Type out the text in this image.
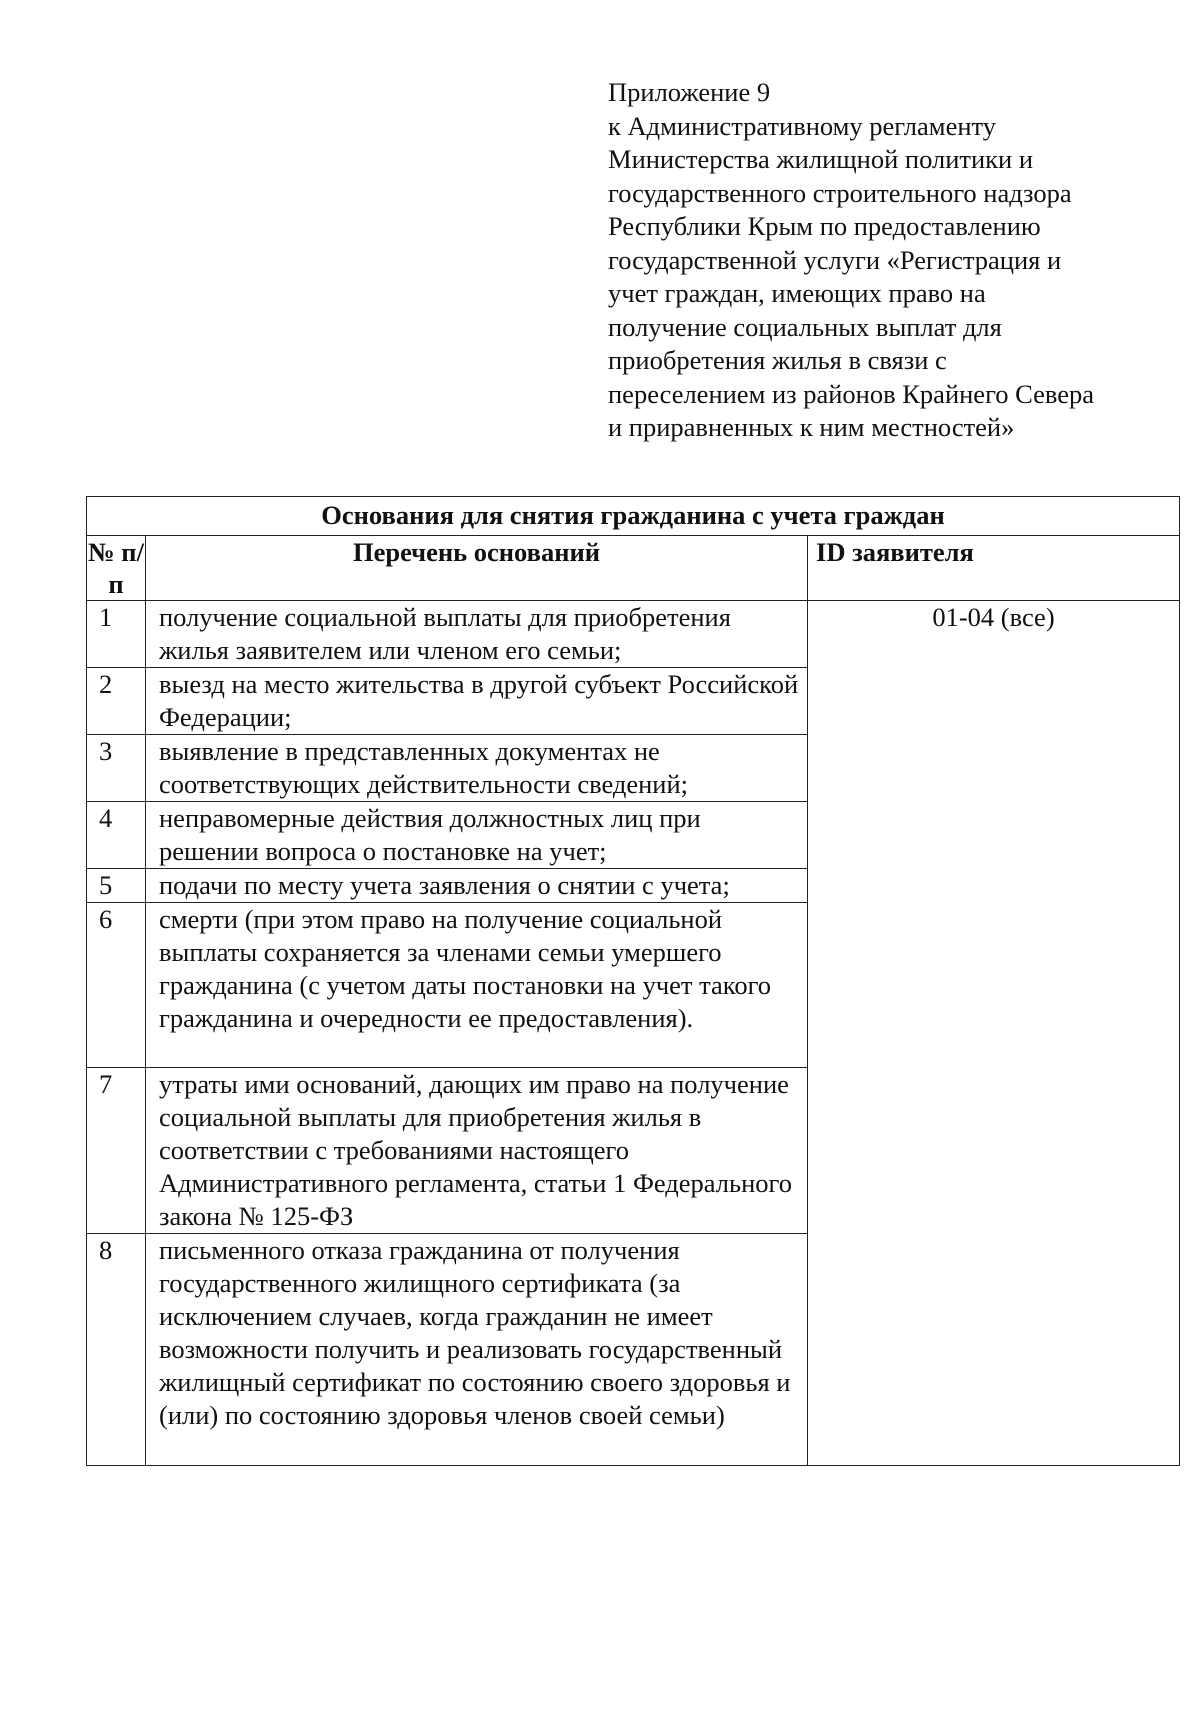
Приложение 9
к Административному регламенту
Министерства жилищной политики и
государственного строительного надзора
Республики Крым по предоставлению
государственной услуги «Регистрация и
учет граждан, имеющих право на
получение социальных выплат для
приобретения жилья в связи с
переселением из районов Крайнего Севера
и приравненных к ним местностей»
Основания для снятия гражданина с учета граждан		
№ п/п	Перечень оснований	ID заявителя
1	получение социальной выплаты для приобретения жилья заявителем или членом его семьи;	01-04 (все)
2	выезд на место жительства в другой субъект Российской Федерации;	
3	выявление в представленных документах не соответствующих действительности сведений;	
4	неправомерные действия должностных лиц при решении вопроса о постановке на учет;	
5	подачи по месту учета заявления о снятии с учета;	
6	смерти (при этом право на получение социальной выплаты сохраняется за членами семьи умершего гражданина (с учетом даты постановки на учет такого гражданина и очередности ее предоставления).	
7	утраты ими оснований, дающих им право на получение социальной выплаты для приобретения жилья в соответствии с требованиями настоящего Административного регламента, статьи 1 Федерального закона № 125-ФЗ	
8	письменного отказа гражданина от получения государственного жилищного сертификата (за исключением случаев, когда гражданин не имеет возможности получить и реализовать государственный жилищный сертификат по состоянию своего здоровья и (или) по состоянию здоровья членов своей семьи)	
